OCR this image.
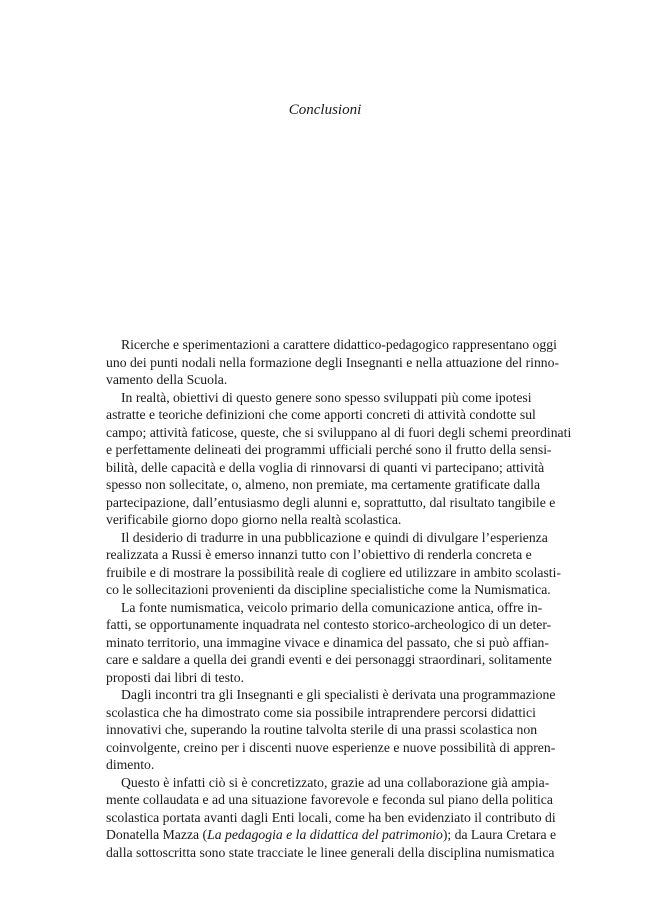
Conclusioni

Ricerche e sperimentazioni a carattere didattico-pedagogico rappresentano oggi
uno dei punti nodali nella formazione degli Insegnanti e nella attuazione del rinno-
vamento della Scuola.

In realtà, obiettivi di questo genere sono spesso sviluppati più come ipotesi
astratte e teoriche definizioni che come apporti concreti di attività condotte sul
campo; attività faticose, queste, che si sviluppano al di fuori degli schemi preordinati
e perfettamente delineati dei programmi ufficiali perché sono il frutto della sensi-
bilità, delle capacità e della voglia di rinnovarsi di quanti vi partecipano; attività
spesso non sollecitate, o, almeno, non premiate, ma certamente gratificate dalla
partecipazione, dall’entusiasmo degli alunni e, soprattutto, dal risultato tangibile e
verificabile giorno dopo giorno nella realtà scolastica.

Il desiderio di tradurre in una pubblicazione e quindi di divulgare l’esperienza
realizzata a Russi è emerso innanzi tutto con l’obiettivo di renderla concreta e
fruibile e di mostrare la possibilità reale di cogliere ed utilizzare in ambito scolasti-
co le sollecitazioni provenienti da discipline specialistiche come la Numismatica.

La fonte numismatica, veicolo primario della comunicazione antica, offre in-
fatti, se opportunamente inquadrata nel contesto storico-archeologico di un deter-
minato territorio, una immagine vivace e dinamica del passato, che si può affian-
care e saldare a quella dei grandi eventi e dei personaggi straordinari, solitamente
proposti dai libri di testo.

Dagli incontri tra gli Insegnanti e gli specialisti è derivata una programmazione
scolastica che ha dimostrato come sia possibile intraprendere percorsi didattici
innovativi che, superando la routine talvolta sterile di una prassi scolastica non
coinvolgente, creino per i discenti nuove esperienze e nuove possibilità di appren-
dimento.

Questo è infatti ciò si è concretizzato, grazie ad una collaborazione già ampia-
mente collaudata e ad una situazione favorevole e feconda sul piano della politica
scolastica portata avanti dagli Enti locali, come ha ben evidenziato il contributo di
Donatella Mazza (La pedagogia e la didattica del patrimonio); da Laura Cretara e
dalla sottoscritta sono state tracciate le linee generali della disciplina numismatica
